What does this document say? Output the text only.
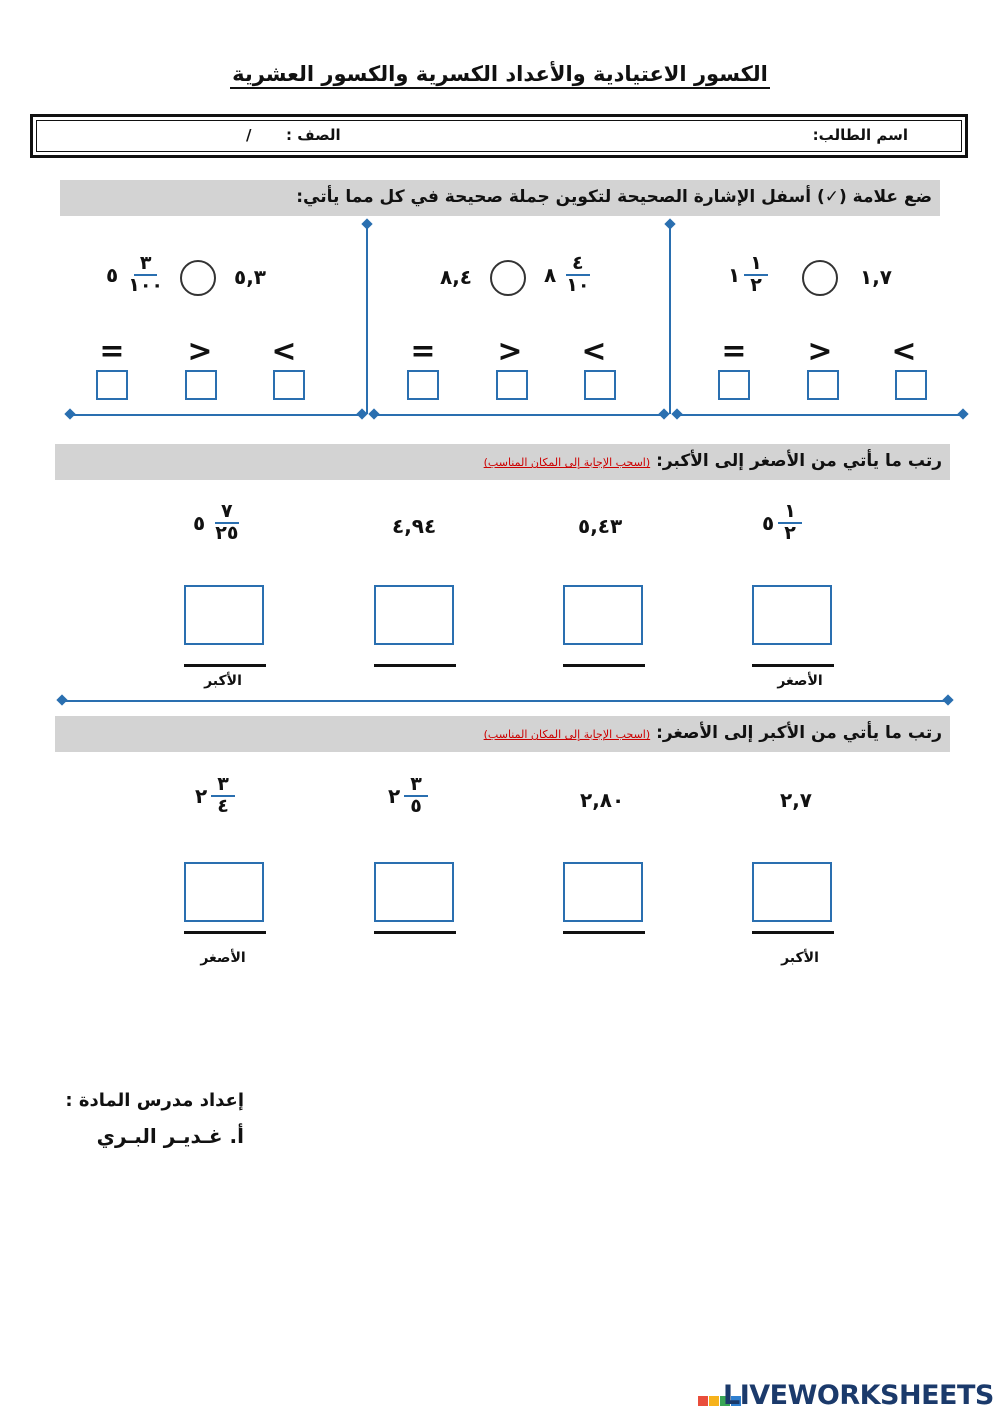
الكسور الاعتيادية والأعداد الكسرية والكسور العشرية
اسم الطالب:
الصف :
/
ضع علامة (✓) أسفل الإشارة الصحيحة لتكوين جملة صحيحة في كل مما يأتي:
١,٧
١ $\frac{١}{٢}$
<
>
=
٨ $\frac{٤}{١٠}$
٨,٤
<
>
=
٥,٣
٥ $\frac{٣}{١٠٠}$
<
>
=
رتب ما يأتي من الأصغر إلى الأكبر: (اسحب الإجابة إلى المكان المناسب)
٥ $\frac{١}{٢}$
٥,٤٣
٤,٩٤
٥ $\frac{٧}{٢٥}$
الأصغر
الأكبر
رتب ما يأتي من الأكبر إلى الأصغر: (اسحب الإجابة إلى المكان المناسب)
٢,٧
٢,٨٠
٢ $\frac{٣}{٥}$
٢ $\frac{٣}{٤}$
الأكبر
الأصغر
إعداد مدرس المادة :
أ. غـديـر البـري
LIVEWORKSHEETS
